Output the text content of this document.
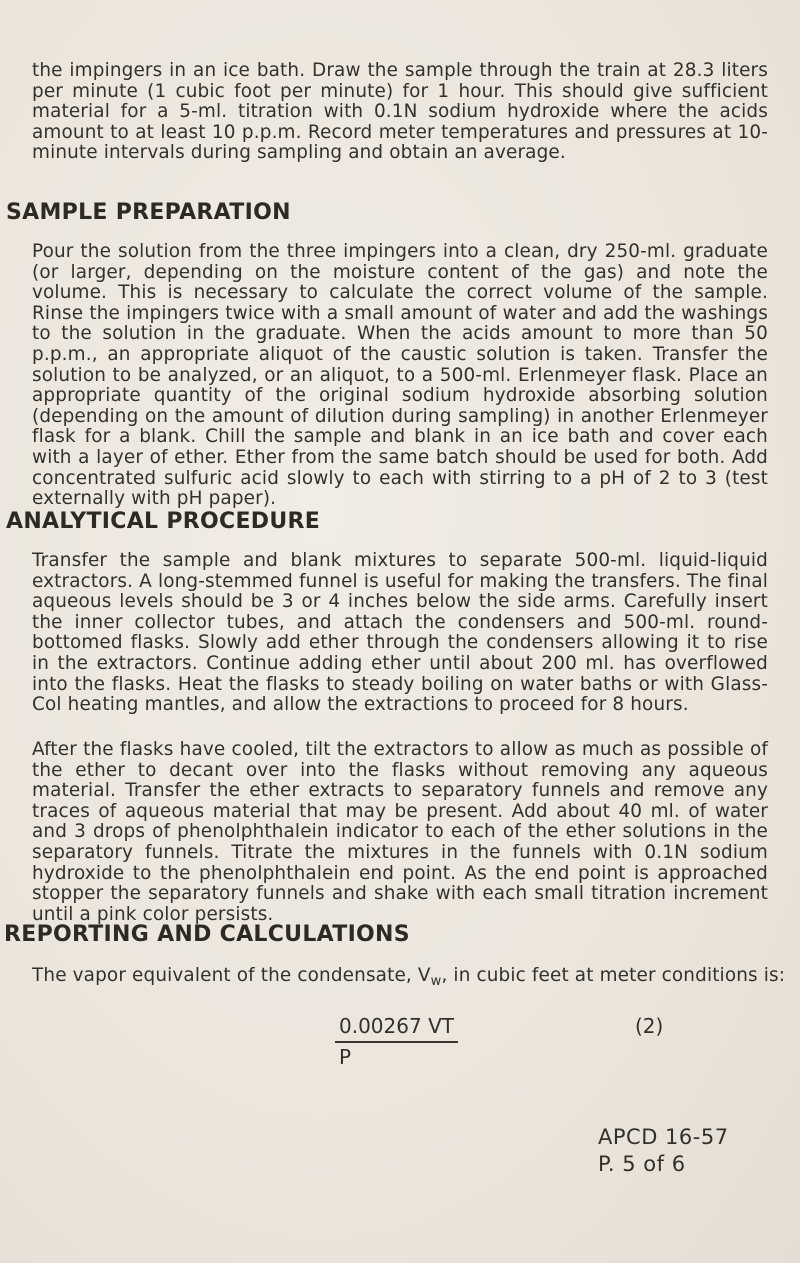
the impingers in an ice bath. Draw the sample through the train at 28.3 liters per minute (1 cubic foot per minute) for 1 hour. This should give sufficient material for a 5-ml. titration with 0.1N sodium hydroxide where the acids amount to at least 10 p.p.m. Record meter temperatures and pressures at 10-minute intervals during sampling and obtain an average.

SAMPLE PREPARATION

Pour the solution from the three impingers into a clean, dry 250-ml. graduate (or larger, depending on the moisture content of the gas) and note the volume. This is necessary to calculate the correct volume of the sample. Rinse the impingers twice with a small amount of water and add the washings to the solution in the graduate. When the acids amount to more than 50 p.p.m., an appropriate aliquot of the caustic solution is taken. Transfer the solution to be analyzed, or an aliquot, to a 500-ml. Erlenmeyer flask. Place an appropriate quantity of the original sodium hydroxide absorbing solution (depending on the amount of dilution during sampling) in another Erlenmeyer flask for a blank. Chill the sample and blank in an ice bath and cover each with a layer of ether. Ether from the same batch should be used for both. Add concentrated sulfuric acid slowly to each with stirring to a pH of 2 to 3 (test externally with pH paper).

ANALYTICAL PROCEDURE

Transfer the sample and blank mixtures to separate 500-ml. liquid-liquid extractors. A long-stemmed funnel is useful for making the transfers. The final aqueous levels should be 3 or 4 inches below the side arms. Carefully insert the inner collector tubes, and attach the condensers and 500-ml. round-bottomed flasks. Slowly add ether through the condensers allowing it to rise in the extractors. Continue adding ether until about 200 ml. has overflowed into the flasks. Heat the flasks to steady boiling on water baths or with Glass-Col heating mantles, and allow the extractions to proceed for 8 hours.

After the flasks have cooled, tilt the extractors to allow as much as possible of the ether to decant over into the flasks without removing any aqueous material. Transfer the ether extracts to separatory funnels and remove any traces of aqueous material that may be present. Add about 40 ml. of water and 3 drops of phenolphthalein indicator to each of the ether solutions in the separatory funnels. Titrate the mixtures in the funnels with 0.1N sodium hydroxide to the phenolphthalein end point. As the end point is approached stopper the separatory funnels and shake with each small titration increment until a pink color persists.

REPORTING AND CALCULATIONS

The vapor equivalent of the condensate, $V_w$, in cubic feet at meter conditions is:

$\frac{0.00267 VT}{P}$	(2)
APCD 16-57
P. 5 of 6
